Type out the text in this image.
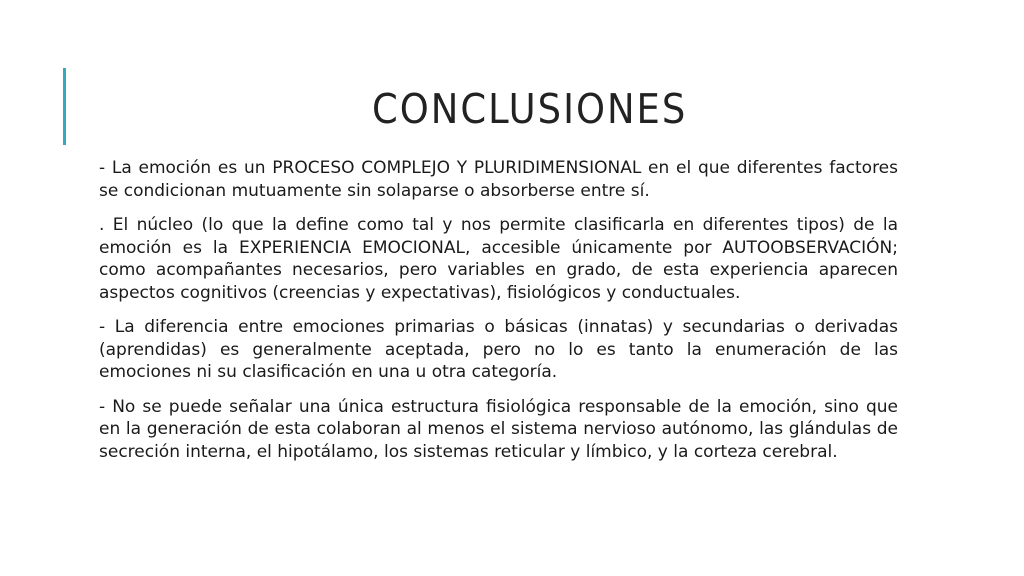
CONCLUSIONES

- La emoción es un PROCESO COMPLEJO Y PLURIDIMENSIONAL en el que diferentes factores se condicionan mutuamente sin solaparse o absorberse entre sí.

. El núcleo (lo que la define como tal y nos permite clasificarla en diferentes tipos) de la emoción es la EXPERIENCIA EMOCIONAL, accesible únicamente por AUTOOBSERVACIÓN; como acompañantes necesarios, pero variables en grado, de esta experiencia aparecen aspectos cognitivos (creencias y expectativas), fisiológicos y conductuales.

- La diferencia entre emociones primarias o básicas (innatas) y secundarias o derivadas (aprendidas) es generalmente aceptada, pero no lo es tanto la enumeración de las emociones ni su clasificación en una u otra categoría.

- No se puede señalar una única estructura fisiológica responsable de la emoción, sino que en la generación de esta colaboran al menos el sistema nervioso autónomo, las glándulas de secreción interna, el hipotálamo, los sistemas reticular y límbico, y la corteza cerebral.
